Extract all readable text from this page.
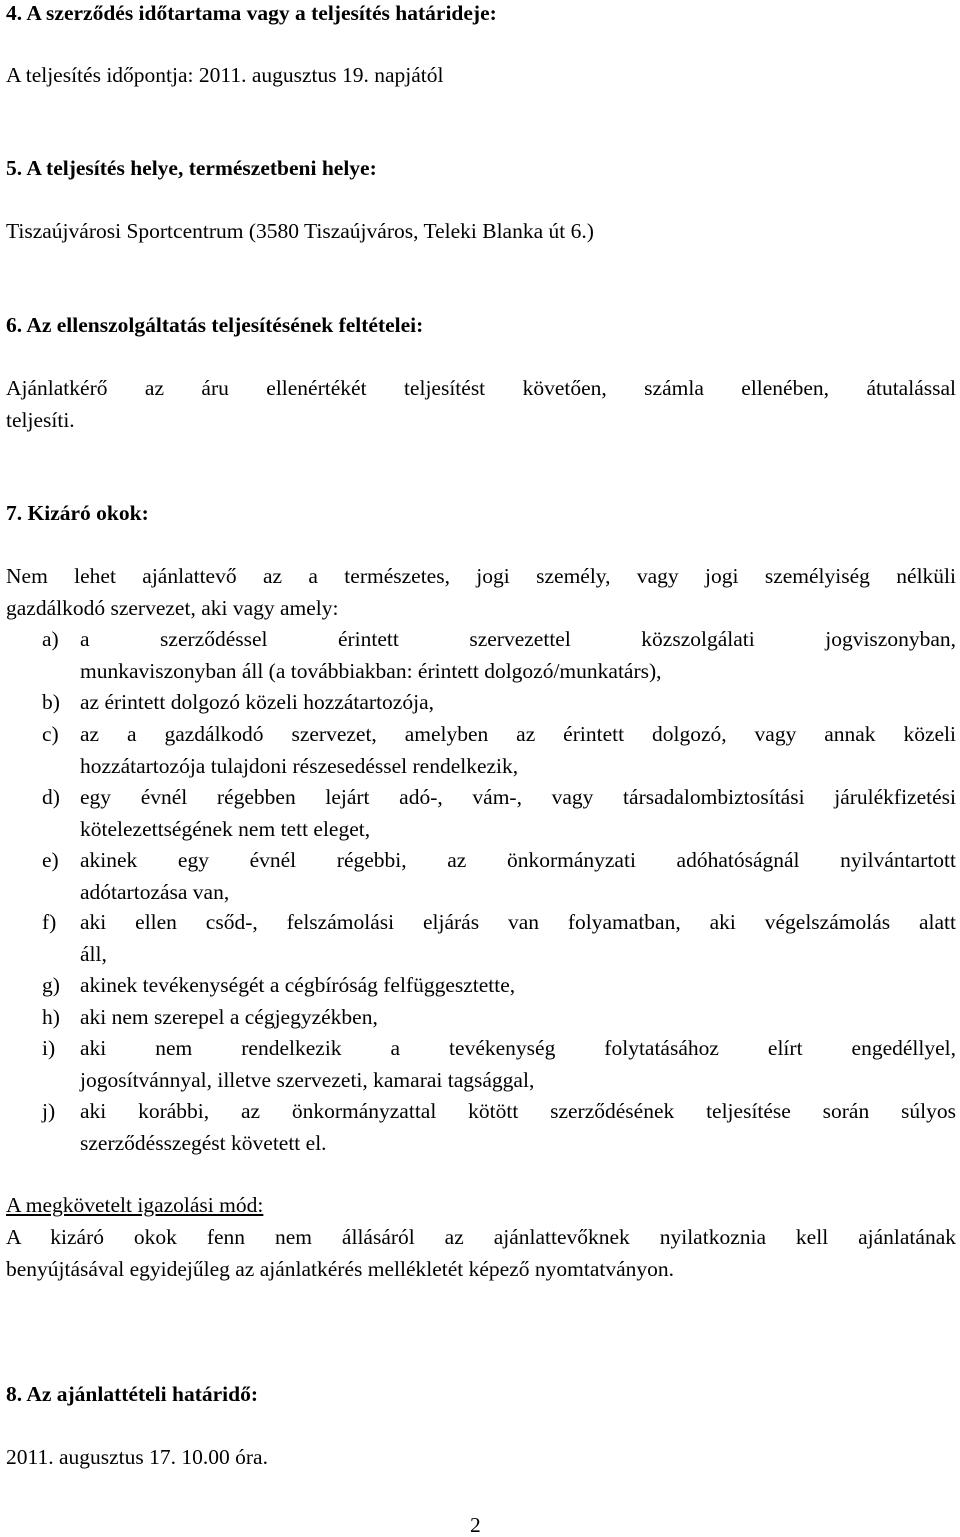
4. A szerződés időtartama vagy a teljesítés határideje:

A teljesítés időpontja: 2011. augusztus 19. napjától

5. A teljesítés helye, természetbeni helye:

Tiszaújvárosi Sportcentrum (3580 Tiszaújváros, Teleki Blanka út 6.)

6. Az ellenszolgáltatás teljesítésének feltételei:

Ajánlatkérő az áru ellenértékét teljesítést követően, számla ellenében, átutalással

teljesíti.

7. Kizáró okok:

Nem lehet ajánlattevő az a természetes, jogi személy, vagy jogi személyiség nélküli

gazdálkodó szervezet, aki vagy amely:

a) a szerződéssel érintett szervezettel közszolgálati jogviszonyban,
munkaviszonyban áll (a továbbiakban: érintett dolgozó/munkatárs),
b) az érintett dolgozó közeli hozzátartozója,
c) az a gazdálkodó szervezet, amelyben az érintett dolgozó, vagy annak közeli
hozzátartozója tulajdoni részesedéssel rendelkezik,
d) egy évnél régebben lejárt adó-, vám-, vagy társadalombiztosítási járulékfizetési
kötelezettségének nem tett eleget,
e) akinek egy évnél régebbi, az önkormányzati adóhatóságnál nyilvántartott
adótartozása van,
f) aki ellen csőd-, felszámolási eljárás van folyamatban, aki végelszámolás alatt
áll,
g) akinek tevékenységét a cégbíróság felfüggesztette,
h) aki nem szerepel a cégjegyzékben,
i) aki nem rendelkezik a tevékenység folytatásához elírt engedéllyel,
jogosítvánnyal, illetve szervezeti, kamarai tagsággal,
j) aki korábbi, az önkormányzattal kötött szerződésének teljesítése során súlyos
szerződésszegést követett el.

A megkövetelt igazolási mód:

A kizáró okok fenn nem állásáról az ajánlattevőknek nyilatkoznia kell ajánlatának

benyújtásával egyidejűleg az ajánlatkérés mellékletét képező nyomtatványon.

8. Az ajánlattételi határidő:

2011. augusztus 17. 10.00 óra.

2
